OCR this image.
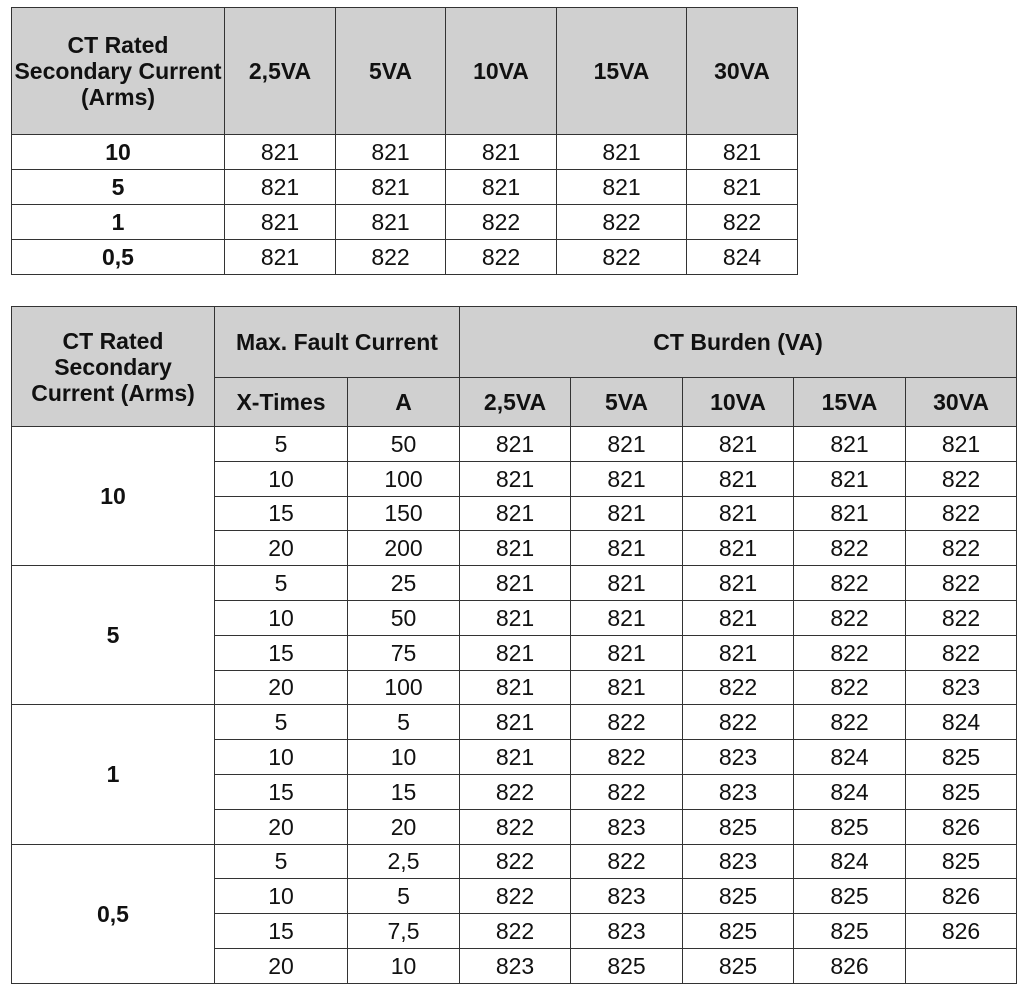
CT Rated Secondary Current (Arms)	2,5VA	5VA	10VA	15VA	30VA
10	821	821	821	821	821
5	821	821	821	821	821
1	821	821	822	822	822
0,5	821	822	822	822	824
CT Rated Secondary Current (Arms)	Max. Fault Current		CT Burden (VA)				
	X-Times	A	2,5VA	5VA	10VA	15VA	30VA
10	5	50	821	821	821	821	821
	10	100	821	821	821	821	822
	15	150	821	821	821	821	822
	20	200	821	821	821	822	822
5	5	25	821	821	821	822	822
	10	50	821	821	821	822	822
	15	75	821	821	821	822	822
	20	100	821	821	822	822	823
1	5	5	821	822	822	822	824
	10	10	821	822	823	824	825
	15	15	822	822	823	824	825
	20	20	822	823	825	825	826
0,5	5	2,5	822	822	823	824	825
	10	5	822	823	825	825	826
	15	7,5	822	823	825	825	826
	20	10	823	825	825	826	
